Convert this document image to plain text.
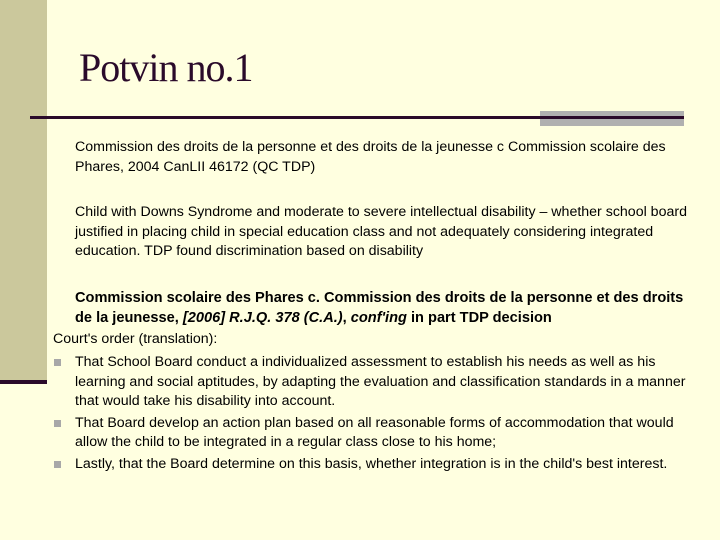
Potvin no.1
Commission des droits de la personne et des droits de la jeunesse c Commission scolaire des Phares, 2004 CanLII 46172 (QC TDP)
Child with Downs Syndrome and moderate to severe intellectual disability – whether school board justified in placing child in special education class and not adequately considering integrated education. TDP found discrimination based on disability
Commission scolaire des Phares c. Commission des droits de la personne et des droits de la jeunesse, [2006] R.J.Q. 378 (C.A.), conf'ing in part TDP decision
Court's order (translation):
That School Board conduct a individualized assessment to establish his needs as well as his learning and social aptitudes, by adapting the evaluation and classification standards in a manner that would take his disability into account.
That Board develop an action plan based on all reasonable forms of accommodation that would allow the child to be integrated in a regular class close to his home;
Lastly, that the Board determine on this basis, whether integration is in the child's best interest.
